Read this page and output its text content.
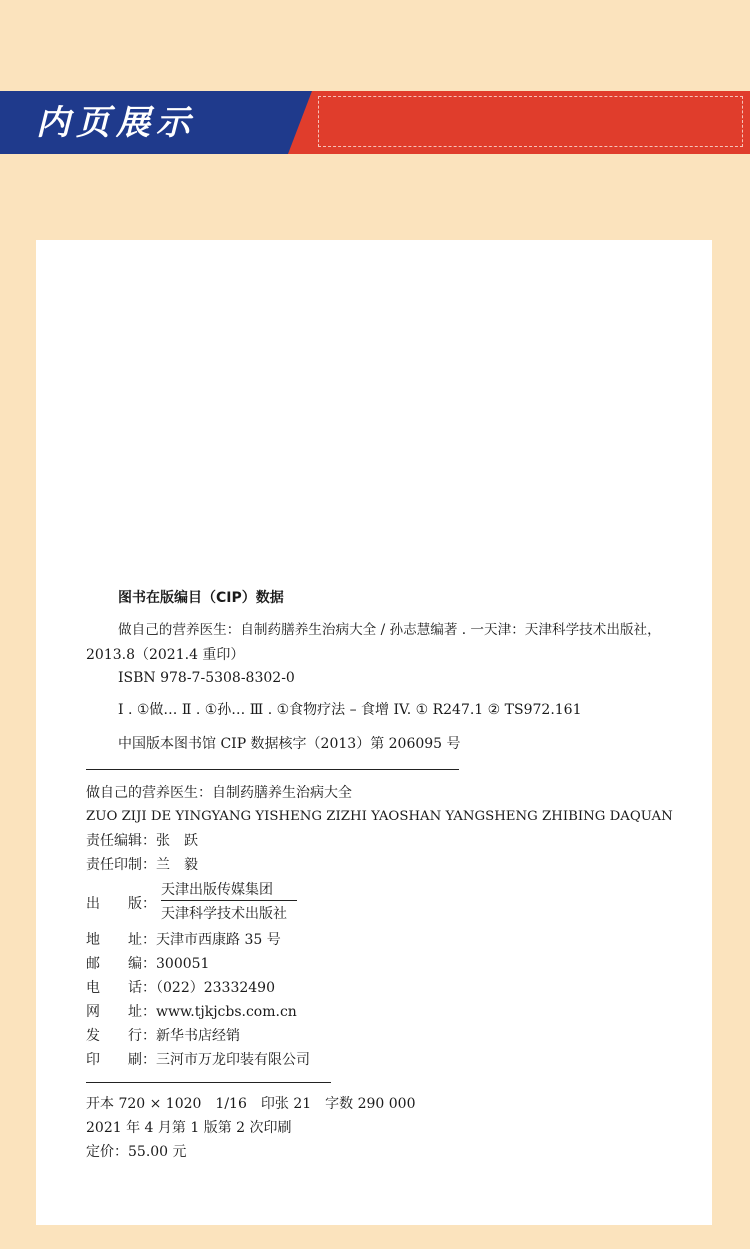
内页展示
图书在版编目（CIP）数据
做自己的营养医生：自制药膳养生治病大全 / 孙志慧编著 . 一天津：天津科学技术出版社，
2013.8（2021.4 重印）
ISBN 978-7-5308-8302-0
Ⅰ . ①做… Ⅱ . ①孙… Ⅲ . ①食物疗法 – 食增 IV. ① R247.1 ② TS972.161
中国版本图书馆 CIP 数据核字（2013）第 206095 号
做自己的营养医生：自制药膳养生治病大全
ZUO ZIJI DE YINGYANG YISHENG ZIZHI YAOSHAN YANGSHENG ZHIBING DAQUAN
责任编辑：张　跃
责任印制：兰　毅
出　　版：
天津出版传媒集团
天津科学技术出版社
地　　址：天津市西康路 35 号
邮　　编：300051
电　　话：（022）23332490
网　　址：www.tjkjcbs.com.cn
发　　行：新华书店经销
印　　刷：三河市万龙印装有限公司
开本 720 × 1020　1/16　印张 21　字数 290 000
2021 年 4 月第 1 版第 2 次印刷
定价：55.00 元
